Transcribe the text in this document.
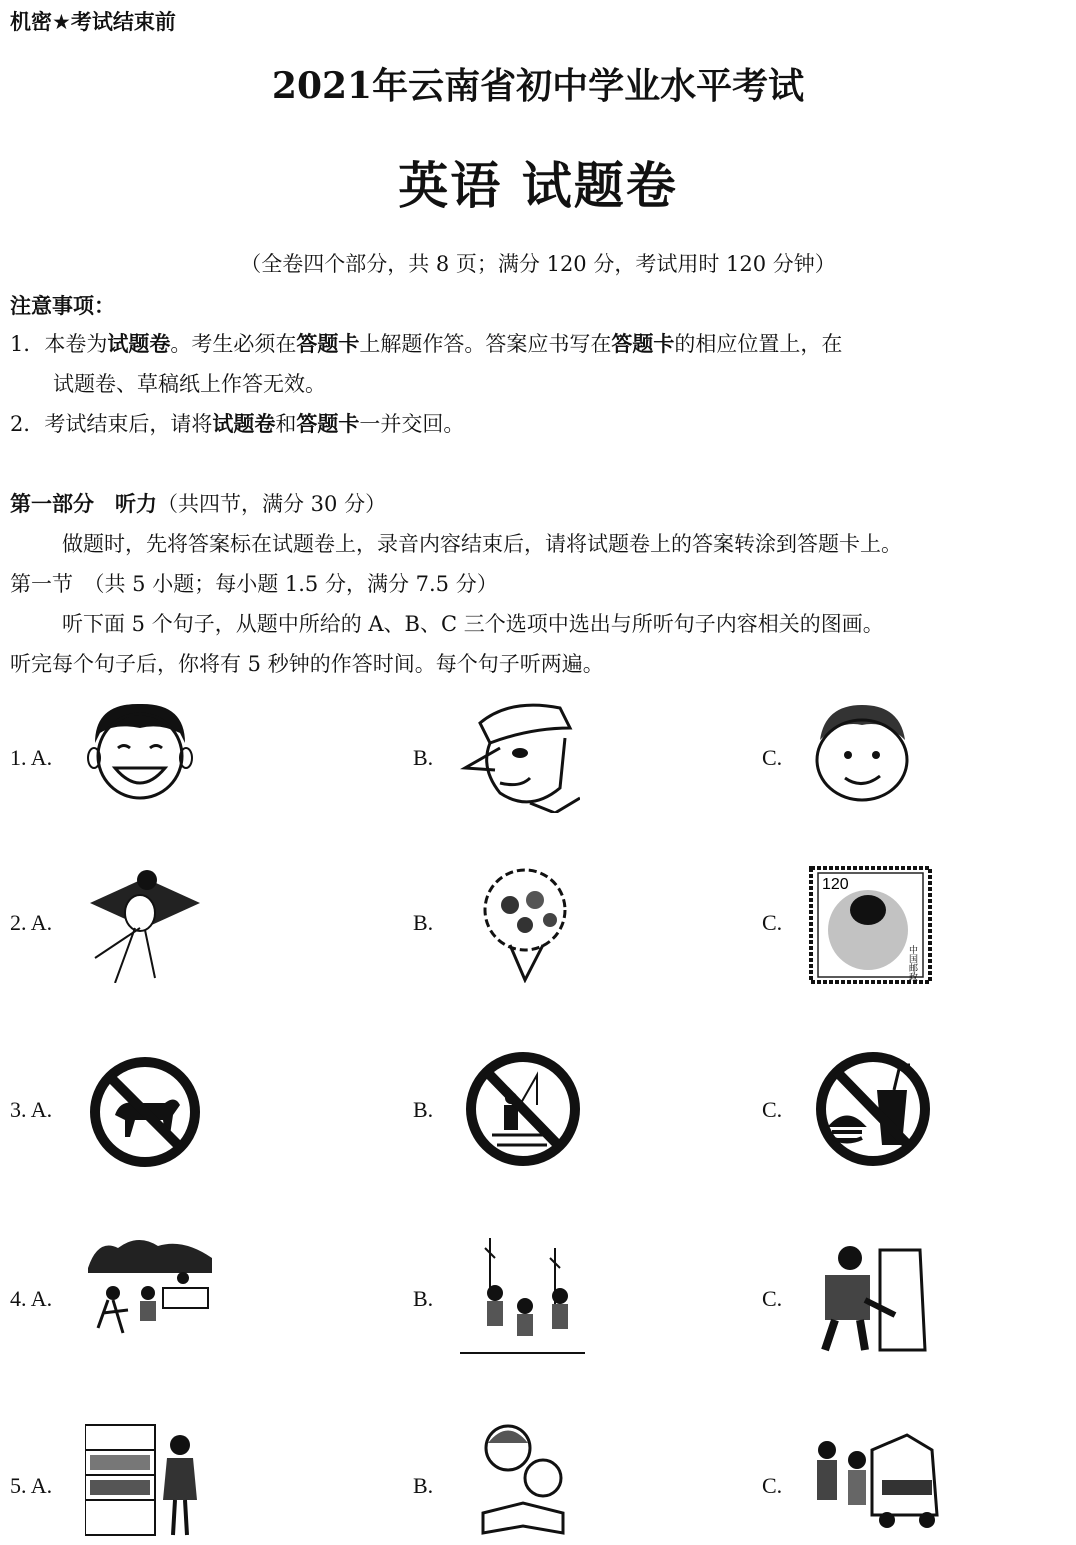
机密★考试结束前
2021年云南省初中学业水平考试
英语 试题卷
（全卷四个部分，共 8 页；满分 120 分，考试用时 120 分钟）
注意事项：
1．本卷为试题卷。考生必须在答题卡上解题作答。答案应书写在答题卡的相应位置上，在
试题卷、草稿纸上作答无效。
2．考试结束后，请将试题卷和答题卡一并交回。
第一部分　听力（共四节，满分 30 分）
做题时，先将答案标在试题卷上，录音内容结束后，请将试题卷上的答案转涂到答题卡上。
第一节　（共 5 小题；每小题 1.5 分，满分 7.5 分）
听下面 5 个句子，从题中所给的 A、B、C 三个选项中选出与所听句子内容相关的图画。
听完每个句子后，你将有 5 秒钟的作答时间。每个句子听两遍。
1. A.	B.	C.
2. A.	B.	C.
3. A.	B.	C.
4. A.	B.	C.
5. A.	B.	C.
120
中国邮政
